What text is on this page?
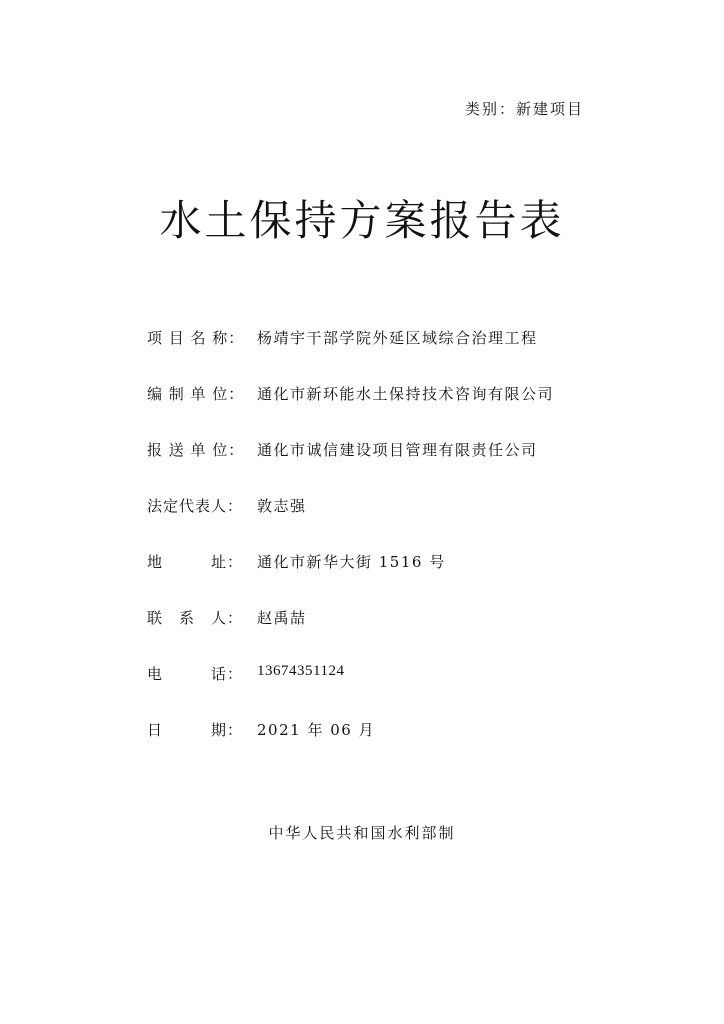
类别：新建项目
水土保持方案报告表
项 目 名 称： 杨靖宇干部学院外延区域综合治理工程
编 制 单 位： 通化市新环能水土保持技术咨询有限公司
报 送 单 位： 通化市诚信建设项目管理有限责任公司
法定代表人： 敦志强
地　　　址： 通化市新华大街 1516 号
联　系　人： 赵禹喆
电　　　话： 13674351124
日　　　期： 2021 年 06 月
中华人民共和国水利部制
